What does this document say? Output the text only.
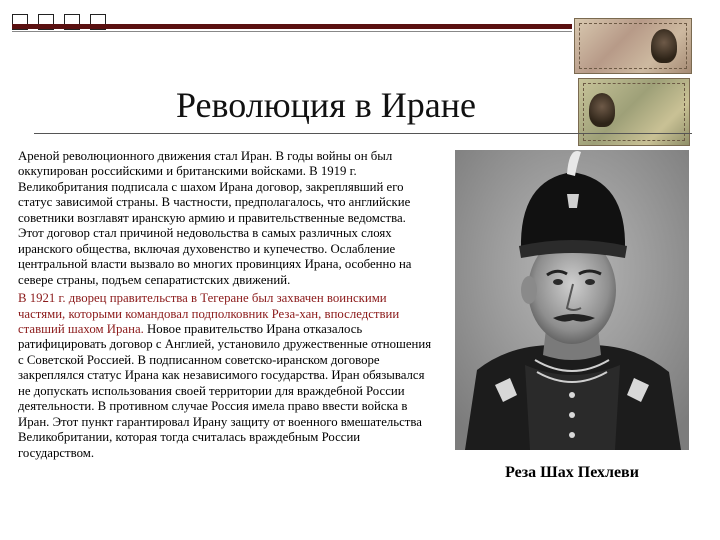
Революция в Иране

Ареной революционного движения стал Иран. В годы войны он был оккупирован российскими и британскими войсками. В 1919 г. Великобритания подписала с шахом Ирана договор, закреплявший его статус зависимой страны. В частности, предполагалось, что английские советники возглавят иранскую армию и правительственные ведомства. Этот договор стал причиной недовольства в самых различных слоях иранского общества, включая духовенство и купечество. Ослабление центральной власти вызвало во многих провинциях Ирана, особенно на севере страны, подъем сепаратистских движений.

В 1921 г. дворец правительства в Тегеране был захвачен воинскими частями, которыми командовал подполковник Реза-хан, впоследствии ставший шахом Ирана. Новое правительство Ирана отказалось ратифицировать договор с Англией, установило дружественные отношения с Советской Россией. В подписанном советско-иранском договоре закреплялся статус Ирана как независимого государства. Иран обязывался не допускать использования своей территории для враждебной России деятельности. В противном случае Россия имела право ввести войска в Иран. Этот пункт гарантировал Ирану защиту от военного вмешательства Великобритании, которая тогда считалась враждебным России государством.

Реза Шах Пехлеви
